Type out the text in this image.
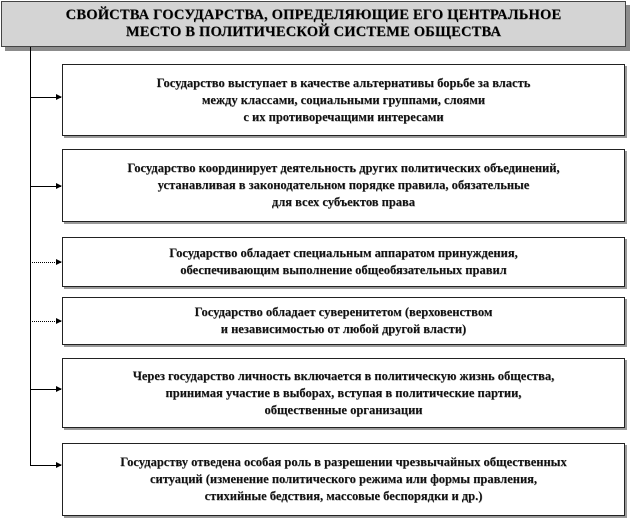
СВОЙСТВА ГОСУДАРСТВА, ОПРЕДЕЛЯЮЩИЕ ЕГО ЦЕНТРАЛЬНОЕ
МЕСТО В ПОЛИТИЧЕСКОЙ СИСТЕМЕ ОБЩЕСТВА
Государство выступает в качестве альтернативы борьбе за власть
между классами, социальными группами, слоями
с их противоречащими интересами
Государство координирует деятельность других политических объединений,
устанавливая в законодательном порядке правила, обязательные
для всех субъектов права
Государство обладает специальным аппаратом принуждения,
обеспечивающим выполнение общеобязательных правил
Государство обладает суверенитетом (верховенством
и независимостью от любой другой власти)
Через государство личность включается в политическую жизнь общества,
принимая участие в выборах, вступая в политические партии,
общественные организации
Государству отведена особая роль в разрешении чрезвычайных общественных
ситуаций (изменение политического режима или формы правления,
стихийные бедствия, массовые беспорядки и др.)
